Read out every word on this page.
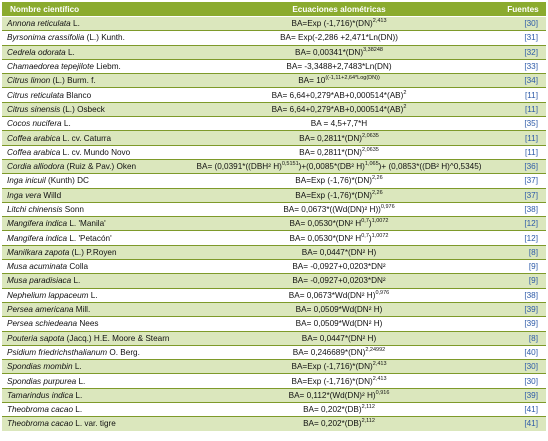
Nombre científico	Ecuaciones alométricas	Fuentes
Annona reticulata L.	BA=Exp (-1,716)*(DN)$^{2,413}$	[30]
Byrsonima crassifolia (L.) Kunth.	BA= Exp(-2,286 +2,471*Ln(DN))	[31]
Cedrela odorata L.	BA= 0,00341*(DN)$^{3,38248}$	[32]
Chamaedorea tepejilote Liebm.	BA= -3,3488+2,7483*Ln(DN)	[33]
Citrus limon (L.) Burm. f.	$BA= 10^{((-1,11+2,64*Log(DN))}$	[34]
Citrus reticulata Blanco	BA= 6,64+0,279*AB+0,000514*(AB)$^2$	[11]
Citrus sinensis (L.) Osbeck	BA= 6,64+0,279*AB+0,000514*(AB)$^2$	[11]
Cocos nucifera L.	BA = 4,5+7,7*H	[35]
Coffea arabica L. cv. Caturra	BA= 0,2811*(DN)$^{2,0635}$	[11]
Coffea arabica L. cv. Mundo Novo	BA= 0,2811*(DN)$^{2,0635}$	[11]
Cordia alliodora (Ruiz & Pav.) Oken	BA= (0,0391*((DBH² H)$^{0,5151}$)+(0,0085*(DB² H)$^{1,065}$)+ (0,0853*((DB² H)^0,5345)	[36]
Inga inicuil (Kunth) DC	BA=Exp (-1,76)*(DN)$^{2,26}$	[37]
Inga vera Willd	BA=Exp (-1,76)*(DN)$^{2,26}$	[37]
Litchi chinensis Sonn	BA= 0,0673*((Wd(DN)² H))$^{0,976}$	[38]
Mangifera indica L. 'Manila'	BA= 0,0530*(DN² H$^{0,7}$)$^{1,0072}$	[12]
Mangifera indica L. 'Petacón'	BA= 0,0530*(DN² H$^{0,7}$)$^{1,0072}$	[12]
Manilkara zapota (L.) P.Royen	BA= 0,0447*(DN² H)	[8]
Musa acuminata Colla	BA= -0,0927+0,0203*DN²	[9]
Musa paradisiaca L.	BA= -0,0927+0,0203*DN²	[9]
Nephelium lappaceum L.	BA= 0,0673*Wd(DN² H)$^{0,976}$	[38]
Persea americana Mill.	BA= 0,0509*Wd(DN² H)	[39]
Persea schiedeana Nees	BA= 0,0509*Wd(DN² H)	[39]
Pouteria sapota (Jacq.) H.E. Moore & Stearn	BA= 0,0447*(DN² H)	[8]
Psidium friedrichsthalianum O. Berg.	BA= 0,246689*(DN)$^{2,24992}$	[40]
Spondias mombin L.	BA=Exp (-1,716)*(DN)$^{2,413}$	[30]
Spondias purpurea L.	BA=Exp (-1,716)*(DN)$^{2,413}$	[30]
Tamarindus indica L.	BA= 0,112*(Wd(DN)² H)$^{0,916}$	[39]
Theobroma cacao L.	BA= 0,202*(DB)$^{2,112}$	[41]
Theobroma cacao L. var. tigre	BA= 0,202*(DB)$^{2,112}$	[41]
